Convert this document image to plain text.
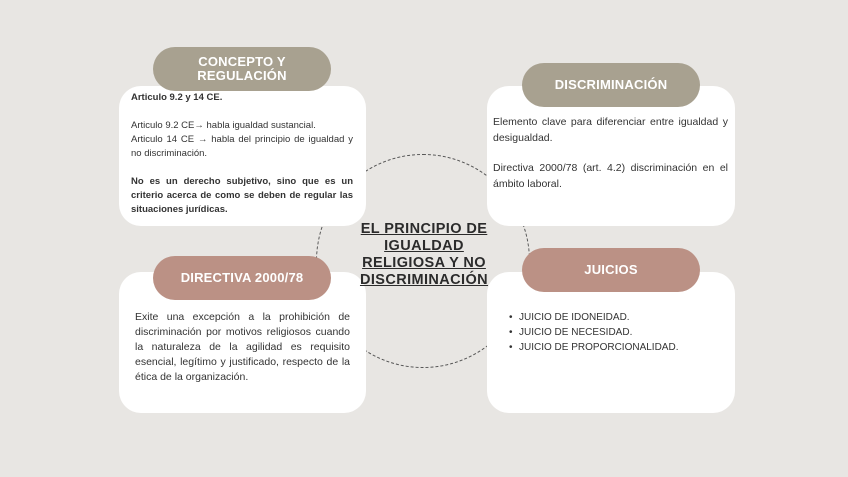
Articulo 9.2 y 14 CE.

Articulo 9.2 CE→ habla igualdad sustancial.

Articulo 14 CE → habla del principio de igualdad y no discriminación.

No es un derecho subjetivo, sino que es un criterio acerca de como se deben de regular las situaciones jurídicas.

CONCEPTO Y REGULACIÓN

Elemento clave para diferenciar entre igualdad y desigualdad.

Directiva 2000/78 (art. 4.2) discriminación en el ámbito laboral.

DISCRIMINACIÓN

Exite una excepción a la prohibición de discriminación por motivos religiosos cuando la naturaleza de la agilidad es requisito esencial, legítimo y justificado, respecto de la ética de la organización.

DIRECTIVA 2000/78
• JUICIO DE IDONEIDAD.
• JUICIO DE NECESIDAD.
• JUICIO DE PROPORCIONALIDAD.
JUICIOS
EL PRINCIPIO DE IGUALDAD RELIGIOSA Y NO DISCRIMINACIÓN
